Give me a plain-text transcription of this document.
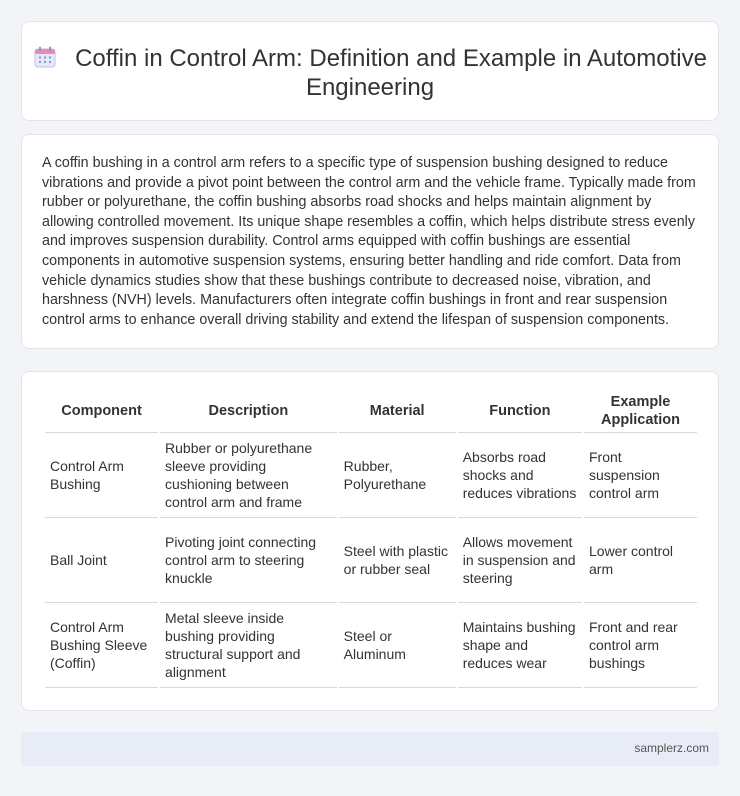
Coffin in Control Arm: Definition and Example in Automotive Engineering

A coffin bushing in a control arm refers to a specific type of suspension bushing designed to reduce vibrations and provide a pivot point between the control arm and the vehicle frame. Typically made from rubber or polyurethane, the coffin bushing absorbs road shocks and helps maintain alignment by allowing controlled movement. Its unique shape resembles a coffin, which helps distribute stress evenly and improves suspension durability. Control arms equipped with coffin bushings are essential components in automotive suspension systems, ensuring better handling and ride comfort. Data from vehicle dynamics studies show that these bushings contribute to decreased noise, vibration, and harshness (NVH) levels. Manufacturers often integrate coffin bushings in front and rear suspension control arms to enhance overall driving stability and extend the lifespan of suspension components.

Component	Description	Material	Function	Example Application
Control Arm Bushing	Rubber or polyurethane sleeve providing cushioning between control arm and frame	Rubber, Polyurethane	Absorbs road shocks and reduces vibrations	Front suspension control arm
Ball Joint	Pivoting joint connecting control arm to steering knuckle	Steel with plastic or rubber seal	Allows movement in suspension and steering	Lower control arm
Control Arm Bushing Sleeve (Coffin)	Metal sleeve inside bushing providing structural support and alignment	Steel or Aluminum	Maintains bushing shape and reduces wear	Front and rear control arm bushings
samplerz.com
